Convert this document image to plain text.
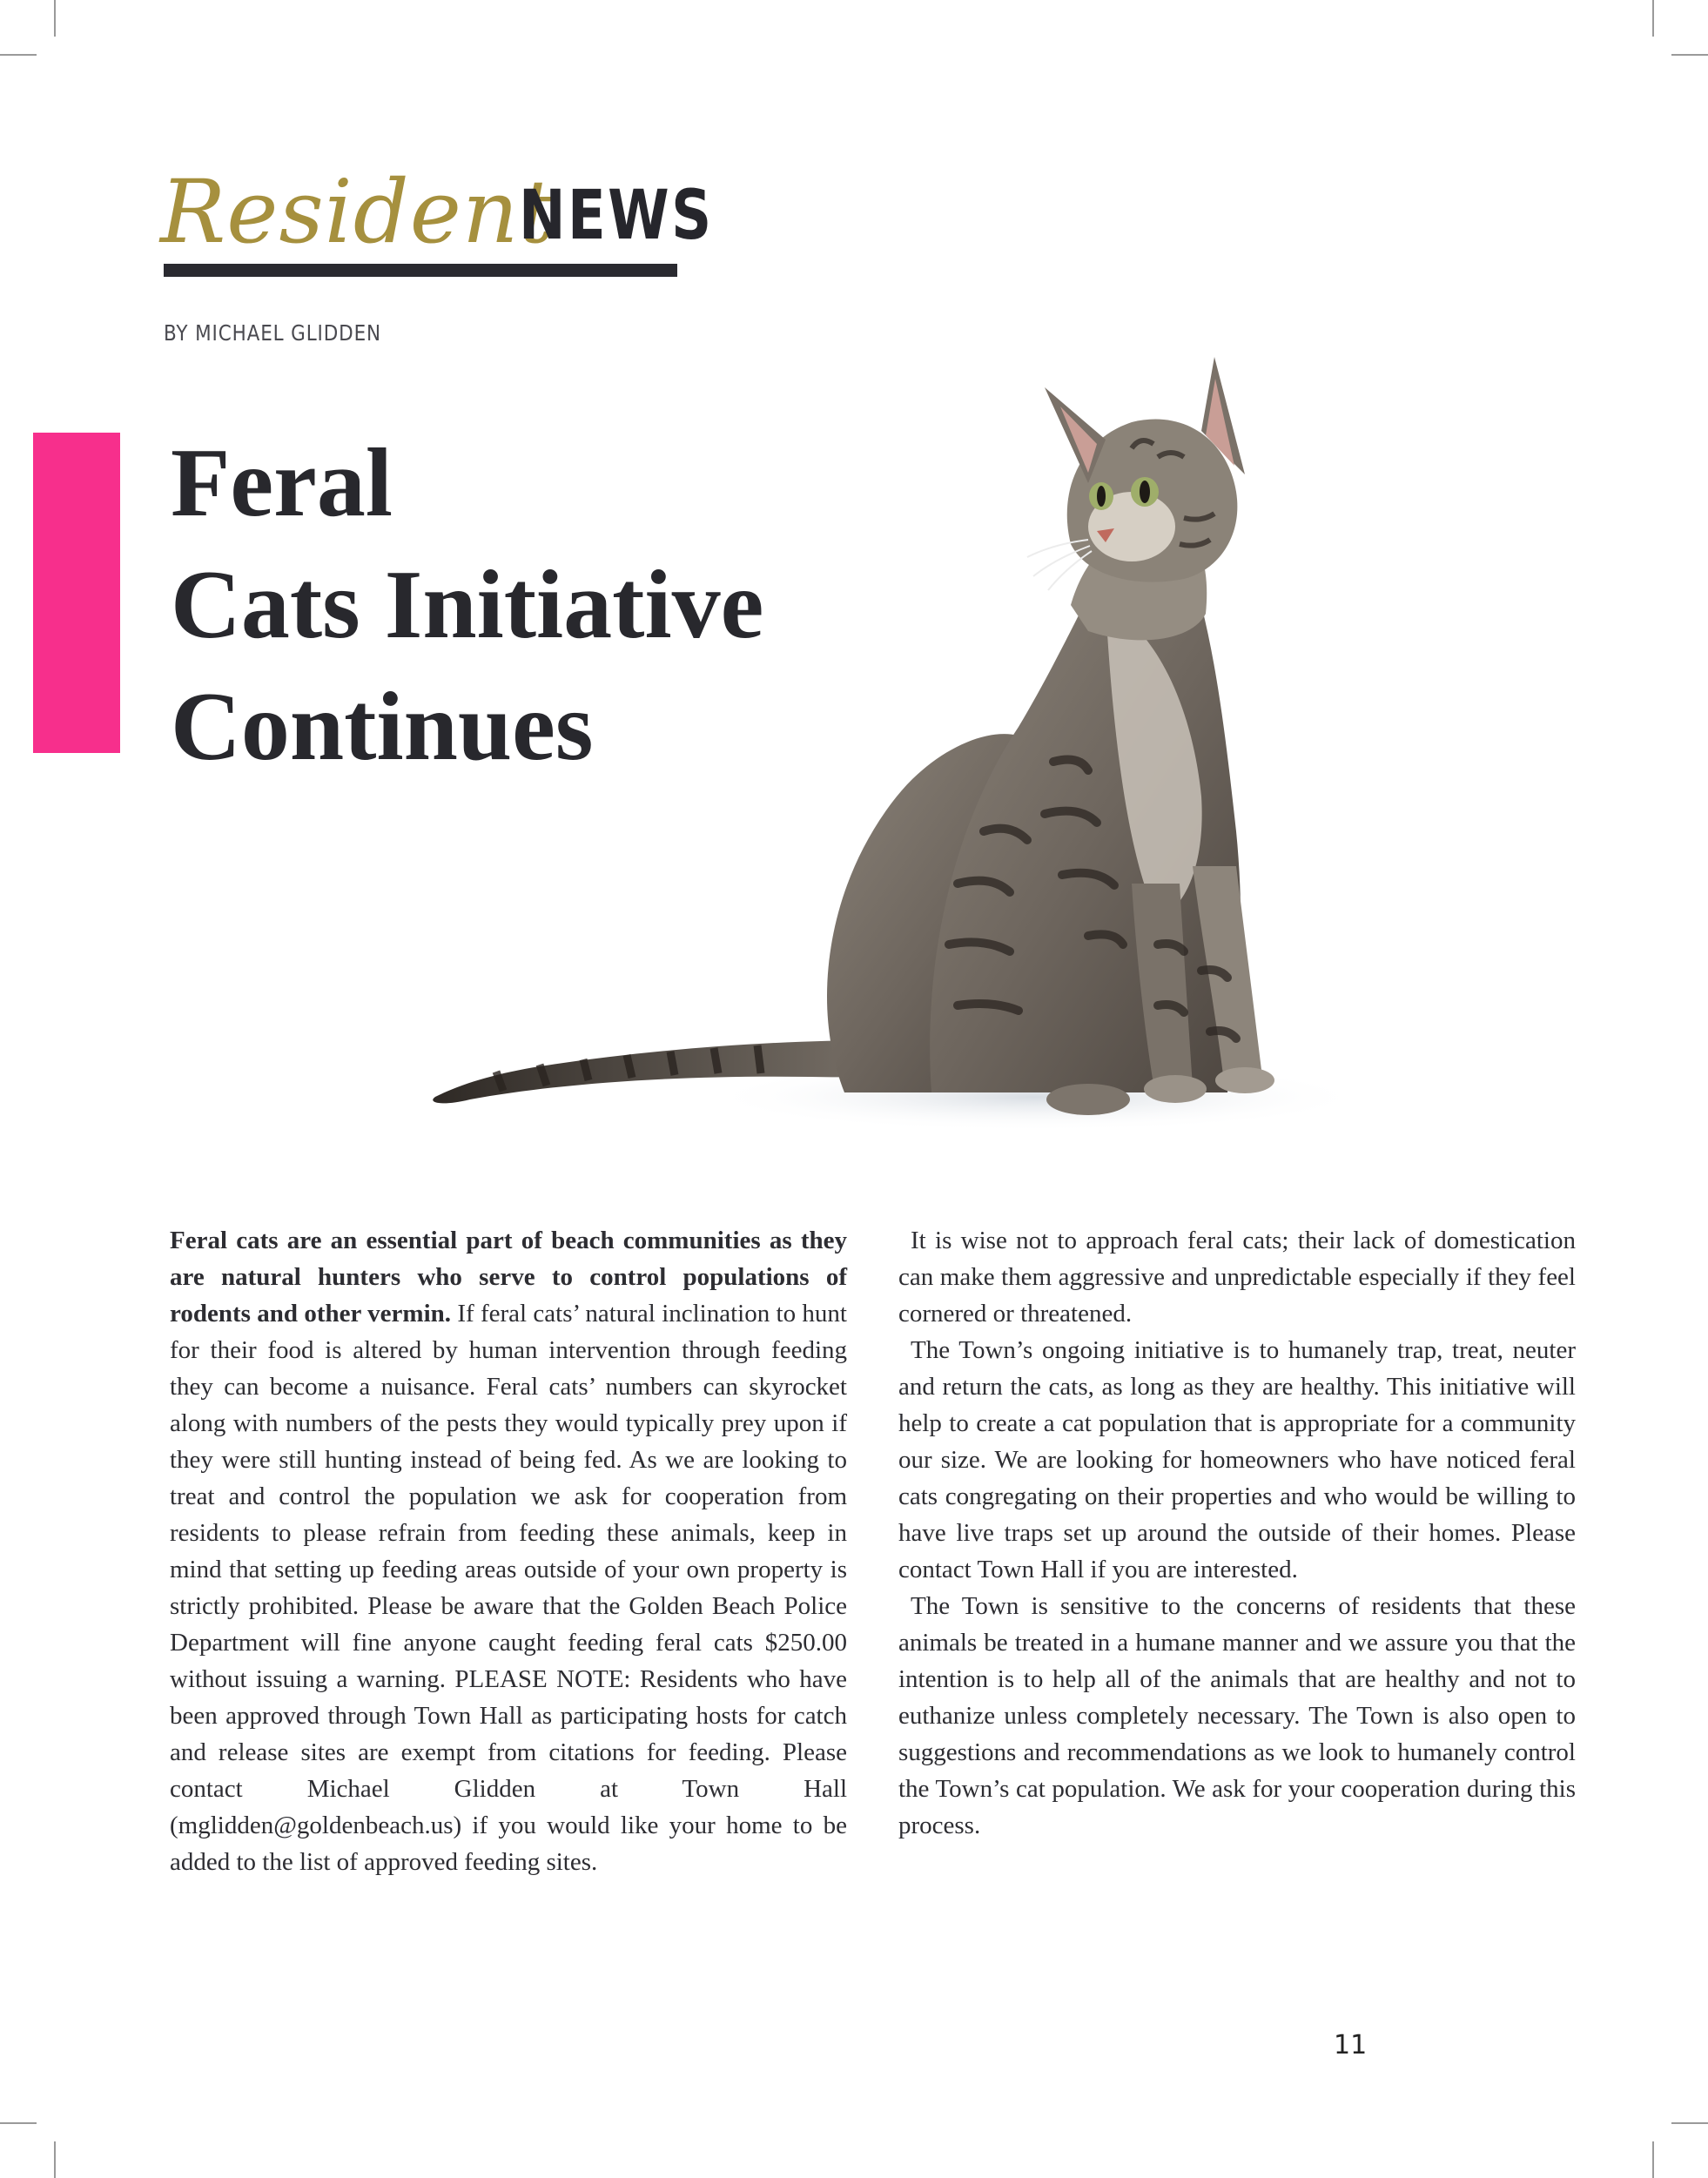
Resident
NEWS
BY MICHAEL GLIDDEN
Feral
Cats Initiative
Continues

Feral cats are an essential part of beach communities as they are natural hunters who serve to control populations of rodents and other vermin. If feral cats’ natural inclination to hunt for their food is altered by human intervention through feeding they can become a nuisance. Feral cats’ numbers can skyrocket along with numbers of the pests they would typically prey upon if they were still hunting instead of being fed. As we are looking to treat and control the population we ask for cooperation from residents to please refrain from feeding these animals, keep in mind that setting up feeding areas outside of your own property is strictly prohibited. Please be aware that the Golden Beach Police Department will fine anyone caught feeding feral cats $250.00 without issuing a warning. PLEASE NOTE: Residents who have been approved through Town Hall as participating hosts for catch and release sites are exempt from citations for feeding. Please contact Michael Glidden at Town Hall (mglidden@goldenbeach.us) if you would like your home to be added to the list of approved feeding sites.

It is wise not to approach feral cats; their lack of domestication can make them aggressive and unpredictable especially if they feel cornered or threatened.

The Town’s ongoing initiative is to humanely trap, treat, neuter and return the cats, as long as they are healthy. This initiative will help to create a cat population that is appropriate for a community our size. We are looking for homeowners who have noticed feral cats congregating on their properties and who would be willing to have live traps set up around the outside of their homes. Please contact Town Hall if you are interested.

The Town is sensitive to the concerns of residents that these animals be treated in a humane manner and we assure you that the intention is to help all of the animals that are healthy and not to euthanize unless completely necessary. The Town is also open to suggestions and recommendations as we look to humanely control the Town’s cat population. We ask for your cooperation during this process.

11
